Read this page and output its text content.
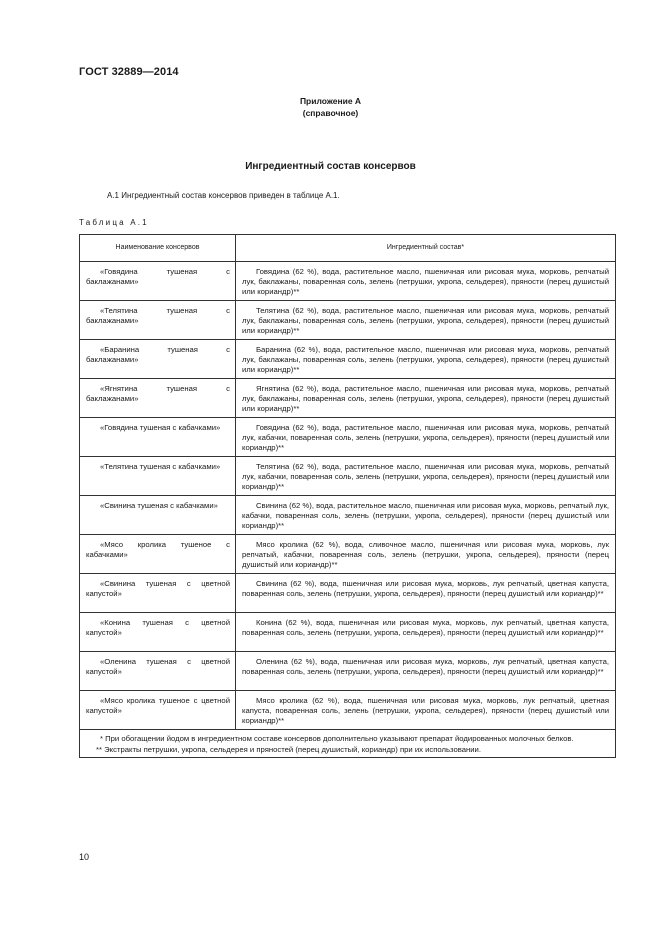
ГОСТ 32889—2014
Приложение А
(справочное)
Ингредиентный состав консервов
А.1 Ингредиентный состав консервов приведен в таблице А.1.
Таблица А.1
Наименование консервов	Ингредиентный состав*
«Говядина тушеная с баклажанами»	Говядина (62 %), вода, растительное масло, пшеничная или рисовая мука, морковь, репчатый лук, баклажаны, поваренная соль, зелень (петрушки, укропа, сельдерея), пряности (перец душистый или кориандр)**
«Телятина тушеная с баклажанами»	Телятина (62 %), вода, растительное масло, пшеничная или рисовая мука, морковь, репчатый лук, баклажаны, поваренная соль, зелень (петрушки, укропа, сельдерея), пряности (перец душистый или кориандр)**
«Баранина тушеная с баклажанами»	Баранина (62 %), вода, растительное масло, пшеничная или рисовая мука, морковь, репчатый лук, баклажаны, поваренная соль, зелень (петрушки, укропа, сельдерея), пряности (перец душистый или кориандр)**
«Ягнятина тушеная с баклажанами»	Ягнятина (62 %), вода, растительное масло, пшеничная или рисовая мука, морковь, репчатый лук, баклажаны, поваренная соль, зелень (петрушки, укропа, сельдерея), пряности (перец душистый или кориандр)**
«Говядина тушеная с кабачками»	Говядина (62 %), вода, растительное масло, пшеничная или рисовая мука, морковь, репчатый лук, кабачки, поваренная соль, зелень (петрушки, укропа, сельдерея), пряности (перец душистый или кориандр)**
«Телятина тушеная с кабачками»	Телятина (62 %), вода, растительное масло, пшеничная или рисовая мука, морковь, репчатый лук, кабачки, поваренная соль, зелень (петрушки, укропа, сельдерея), пряности (перец душистый или кориандр)**
«Свинина тушеная с кабачками»	Свинина (62 %), вода, растительное масло, пшеничная или рисовая мука, морковь, репчатый лук, кабачки, поваренная соль, зелень (петрушки, укропа, сельдерея), пряности (перец душистый или кориандр)**
«Мясо кролика тушеное с кабачками»	Мясо кролика (62 %), вода, сливочное масло, пшеничная или рисовая мука, морковь, лук репчатый, кабачки, поваренная соль, зелень (петрушки, укропа, сельдерея), пряности (перец душистый или кориандр)**
«Свинина тушеная с цветной капустой»	Свинина (62 %), вода, пшеничная или рисовая мука, морковь, лук репчатый, цветная капуста, поваренная соль, зелень (петрушки, укропа, сельдерея), пряности (перец душистый или кориандр)**
«Конина тушеная с цветной капустой»	Конина (62 %), вода, пшеничная или рисовая мука, морковь, лук репчатый, цветная капуста, поваренная соль, зелень (петрушки, укропа, сельдерея), пряности (перец душистый или кориандр)**
«Оленина тушеная с цветной капустой»	Оленина (62 %), вода, пшеничная или рисовая мука, морковь, лук репчатый, цветная капуста, поваренная соль, зелень (петрушки, укропа, сельдерея), пряности (перец душистый или кориандр)**
«Мясо кролика тушеное с цветной капустой»	Мясо кролика (62 %), вода, пшеничная или рисовая мука, морковь, лук репчатый, цветная капуста, поваренная соль, зелень (петрушки, укропа, сельдерея), пряности (перец душистый или кориандр)**

* При обогащении йодом в ингредиентном составе консервов дополнительно указывают препарат йодированных молочных белков.
** Экстракты петрушки, укропа, сельдерея и пряностей (перец душистый, кориандр) при их использовании.	
10
